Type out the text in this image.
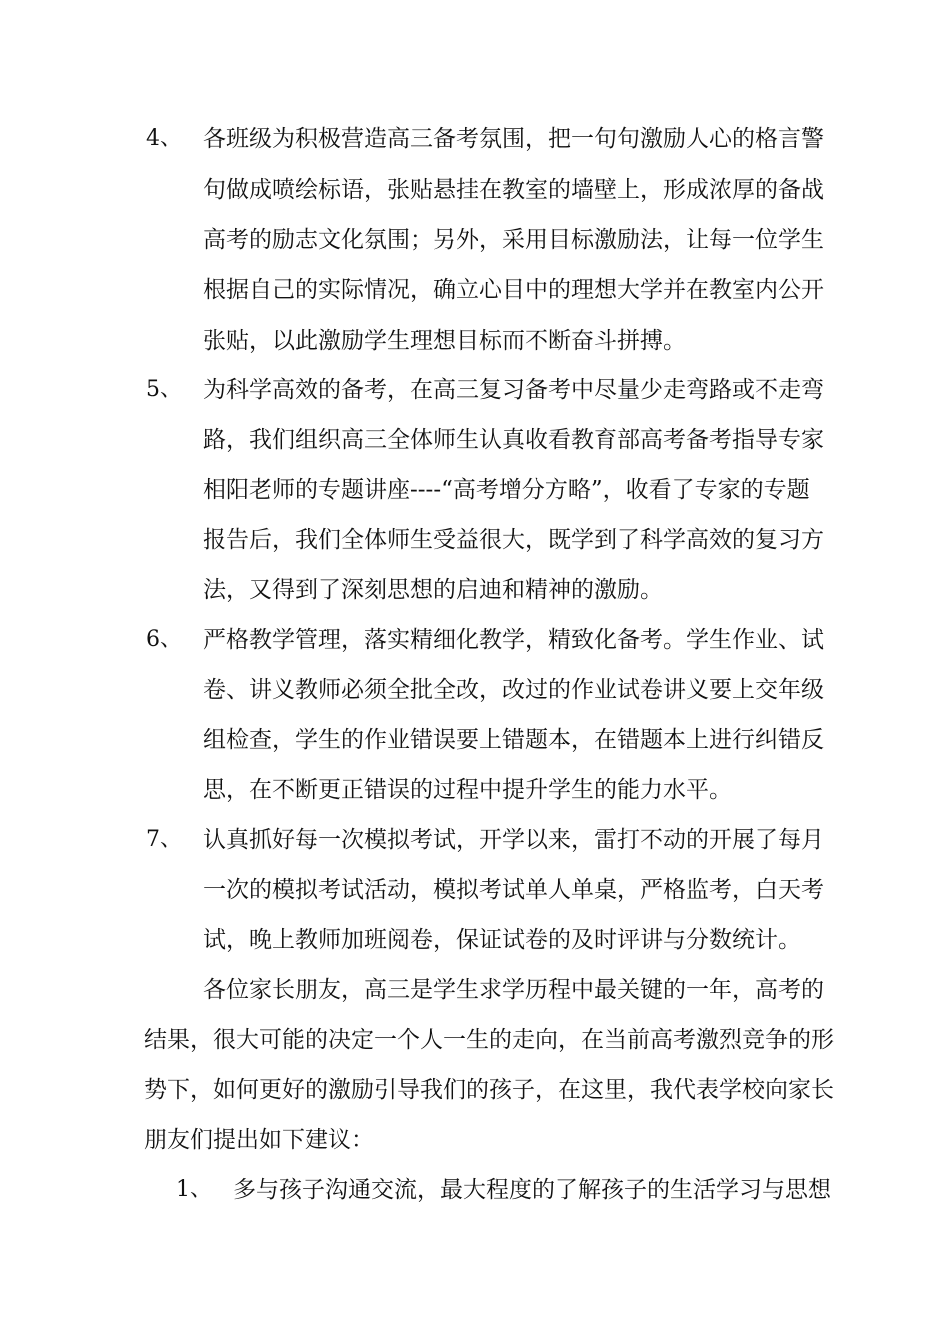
4、 各班级为积极营造高三备考氛围，把一句句激励人心的格言警
句做成喷绘标语，张贴悬挂在教室的墙壁上，形成浓厚的备战
高考的励志文化氛围；另外，采用目标激励法，让每一位学生
根据自己的实际情况，确立心目中的理想大学并在教室内公开
张贴，以此激励学生理想目标而不断奋斗拼搏。
5、 为科学高效的备考，在高三复习备考中尽量少走弯路或不走弯
路，我们组织高三全体师生认真收看教育部高考备考指导专家
相阳老师的专题讲座----“高考增分方略”，收看了专家的专题
报告后，我们全体师生受益很大，既学到了科学高效的复习方
法，又得到了深刻思想的启迪和精神的激励。
6、 严格教学管理，落实精细化教学，精致化备考。学生作业、试
卷、讲义教师必须全批全改，改过的作业试卷讲义要上交年级
组检查，学生的作业错误要上错题本，在错题本上进行纠错反
思，在不断更正错误的过程中提升学生的能力水平。
7、 认真抓好每一次模拟考试，开学以来，雷打不动的开展了每月
一次的模拟考试活动，模拟考试单人单桌，严格监考，白天考
试，晚上教师加班阅卷，保证试卷的及时评讲与分数统计。
各位家长朋友，高三是学生求学历程中最关键的一年，高考的
结果，很大可能的决定一个人一生的走向，在当前高考激烈竞争的形
势下，如何更好的激励引导我们的孩子，在这里，我代表学校向家长
朋友们提出如下建议：
1、 多与孩子沟通交流，最大程度的了解孩子的生活学习与思想
